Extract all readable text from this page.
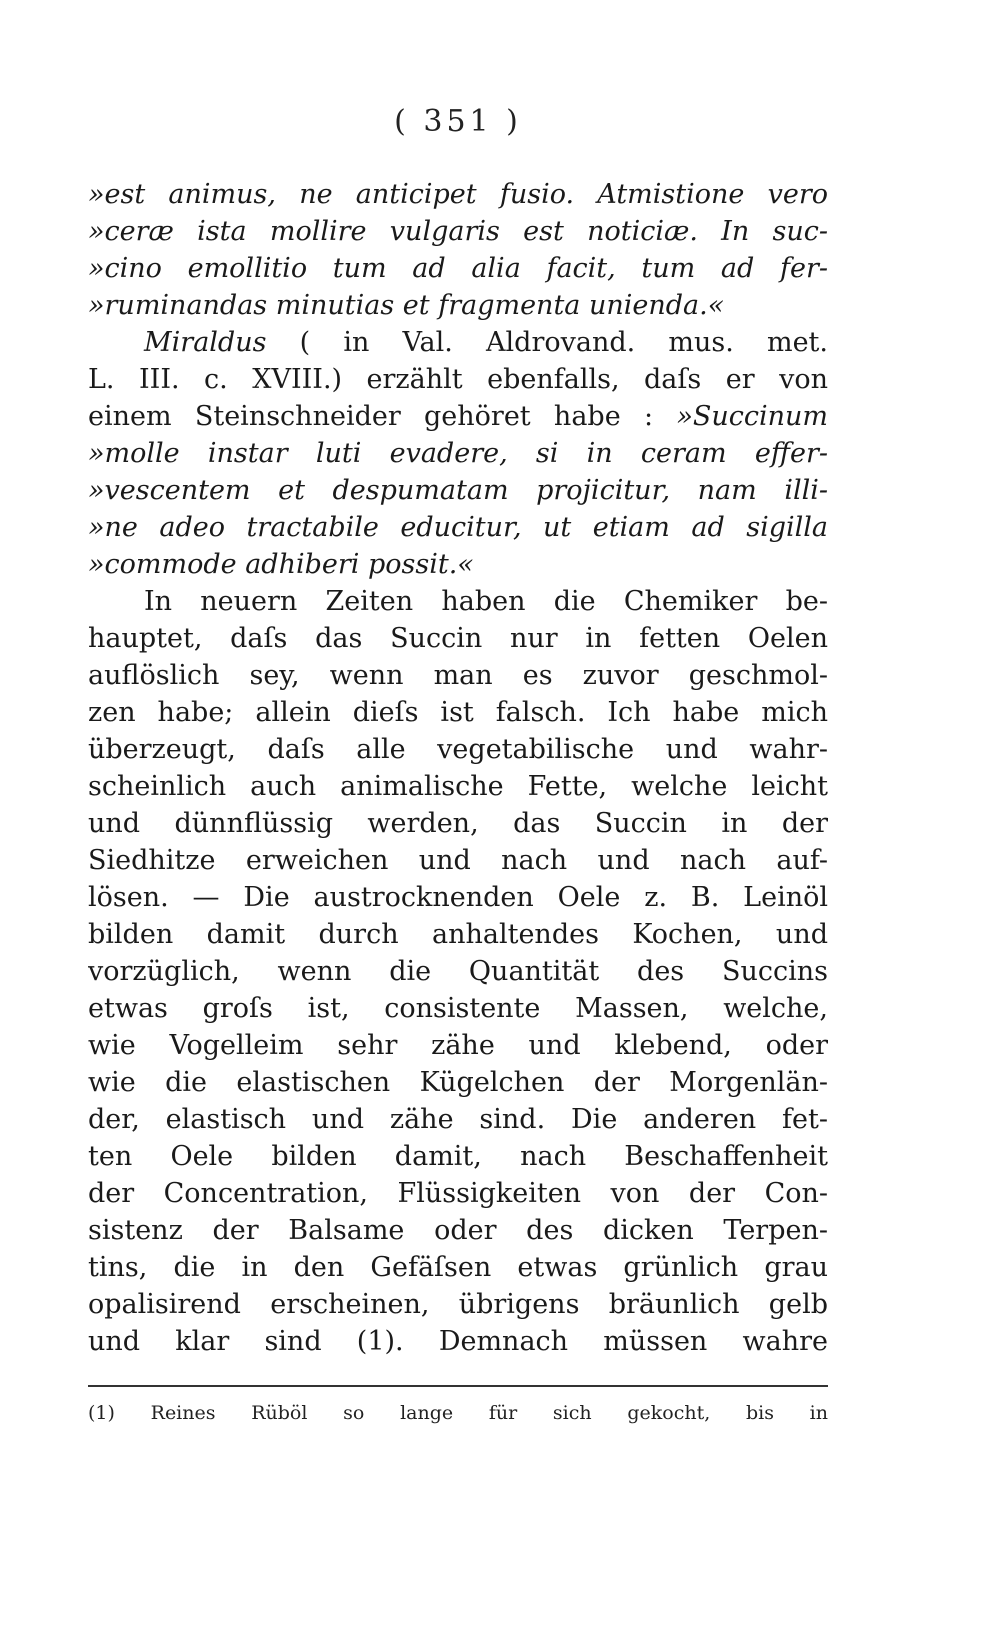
( 351 )
»est animus, ne anticipet fusio. Atmistione vero
»ceræ ista mollire vulgaris est noticiæ. In suc-
»cino emollitio tum ad alia facit, tum ad fer-
»ruminandas minutias et fragmenta unienda.«
Miraldus ( in Val. Aldrovand. mus. met.
L. III. c. XVIII.) erzählt ebenfalls, daſs er von
einem Steinschneider gehöret habe : »Succinum
»molle instar luti evadere, si in ceram effer-
»vescentem et despumatam projicitur, nam illi-
»ne adeo tractabile educitur, ut etiam ad sigilla
»commode adhiberi possit.«
In neuern Zeiten haben die Chemiker be-
hauptet, daſs das Succin nur in fetten Oelen
auflöslich sey, wenn man es zuvor geschmol-
zen habe; allein dieſs ist falsch. Ich habe mich
überzeugt, daſs alle vegetabilische und wahr-
scheinlich auch animalische Fette, welche leicht
und dünnflüssig werden, das Succin in der
Siedhitze erweichen und nach und nach auf-
lösen. — Die austrocknenden Oele z. B. Leinöl
bilden damit durch anhaltendes Kochen, und
vorzüglich, wenn die Quantität des Succins
etwas groſs ist, consistente Massen, welche,
wie Vogelleim sehr zähe und klebend, oder
wie die elastischen Kügelchen der Morgenlän-
der, elastisch und zähe sind. Die anderen fet-
ten Oele bilden damit, nach Beschaffenheit
der Concentration, Flüssigkeiten von der Con-
sistenz der Balsame oder des dicken Terpen-
tins, die in den Gefäſsen etwas grünlich grau
opalisirend erscheinen, übrigens bräunlich gelb
und klar sind (1). Demnach müssen wahre
(1) Reines Rüböl so lange für sich gekocht, bis in
